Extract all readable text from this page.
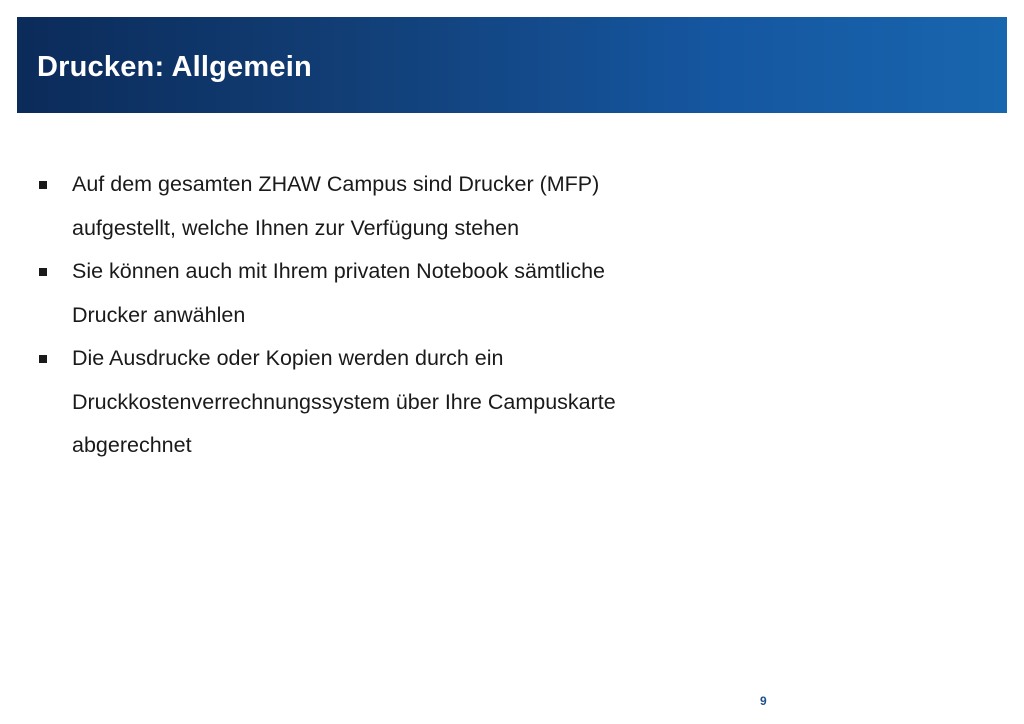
Drucken: Allgemein
Auf dem gesamten ZHAW Campus sind Drucker (MFP)
aufgestellt, welche Ihnen zur Verfügung stehen
Sie können auch mit Ihrem privaten Notebook sämtliche
Drucker anwählen
Die Ausdrucke oder Kopien werden durch ein
Druckkostenverrechnungssystem über Ihre Campuskarte
abgerechnet
9
